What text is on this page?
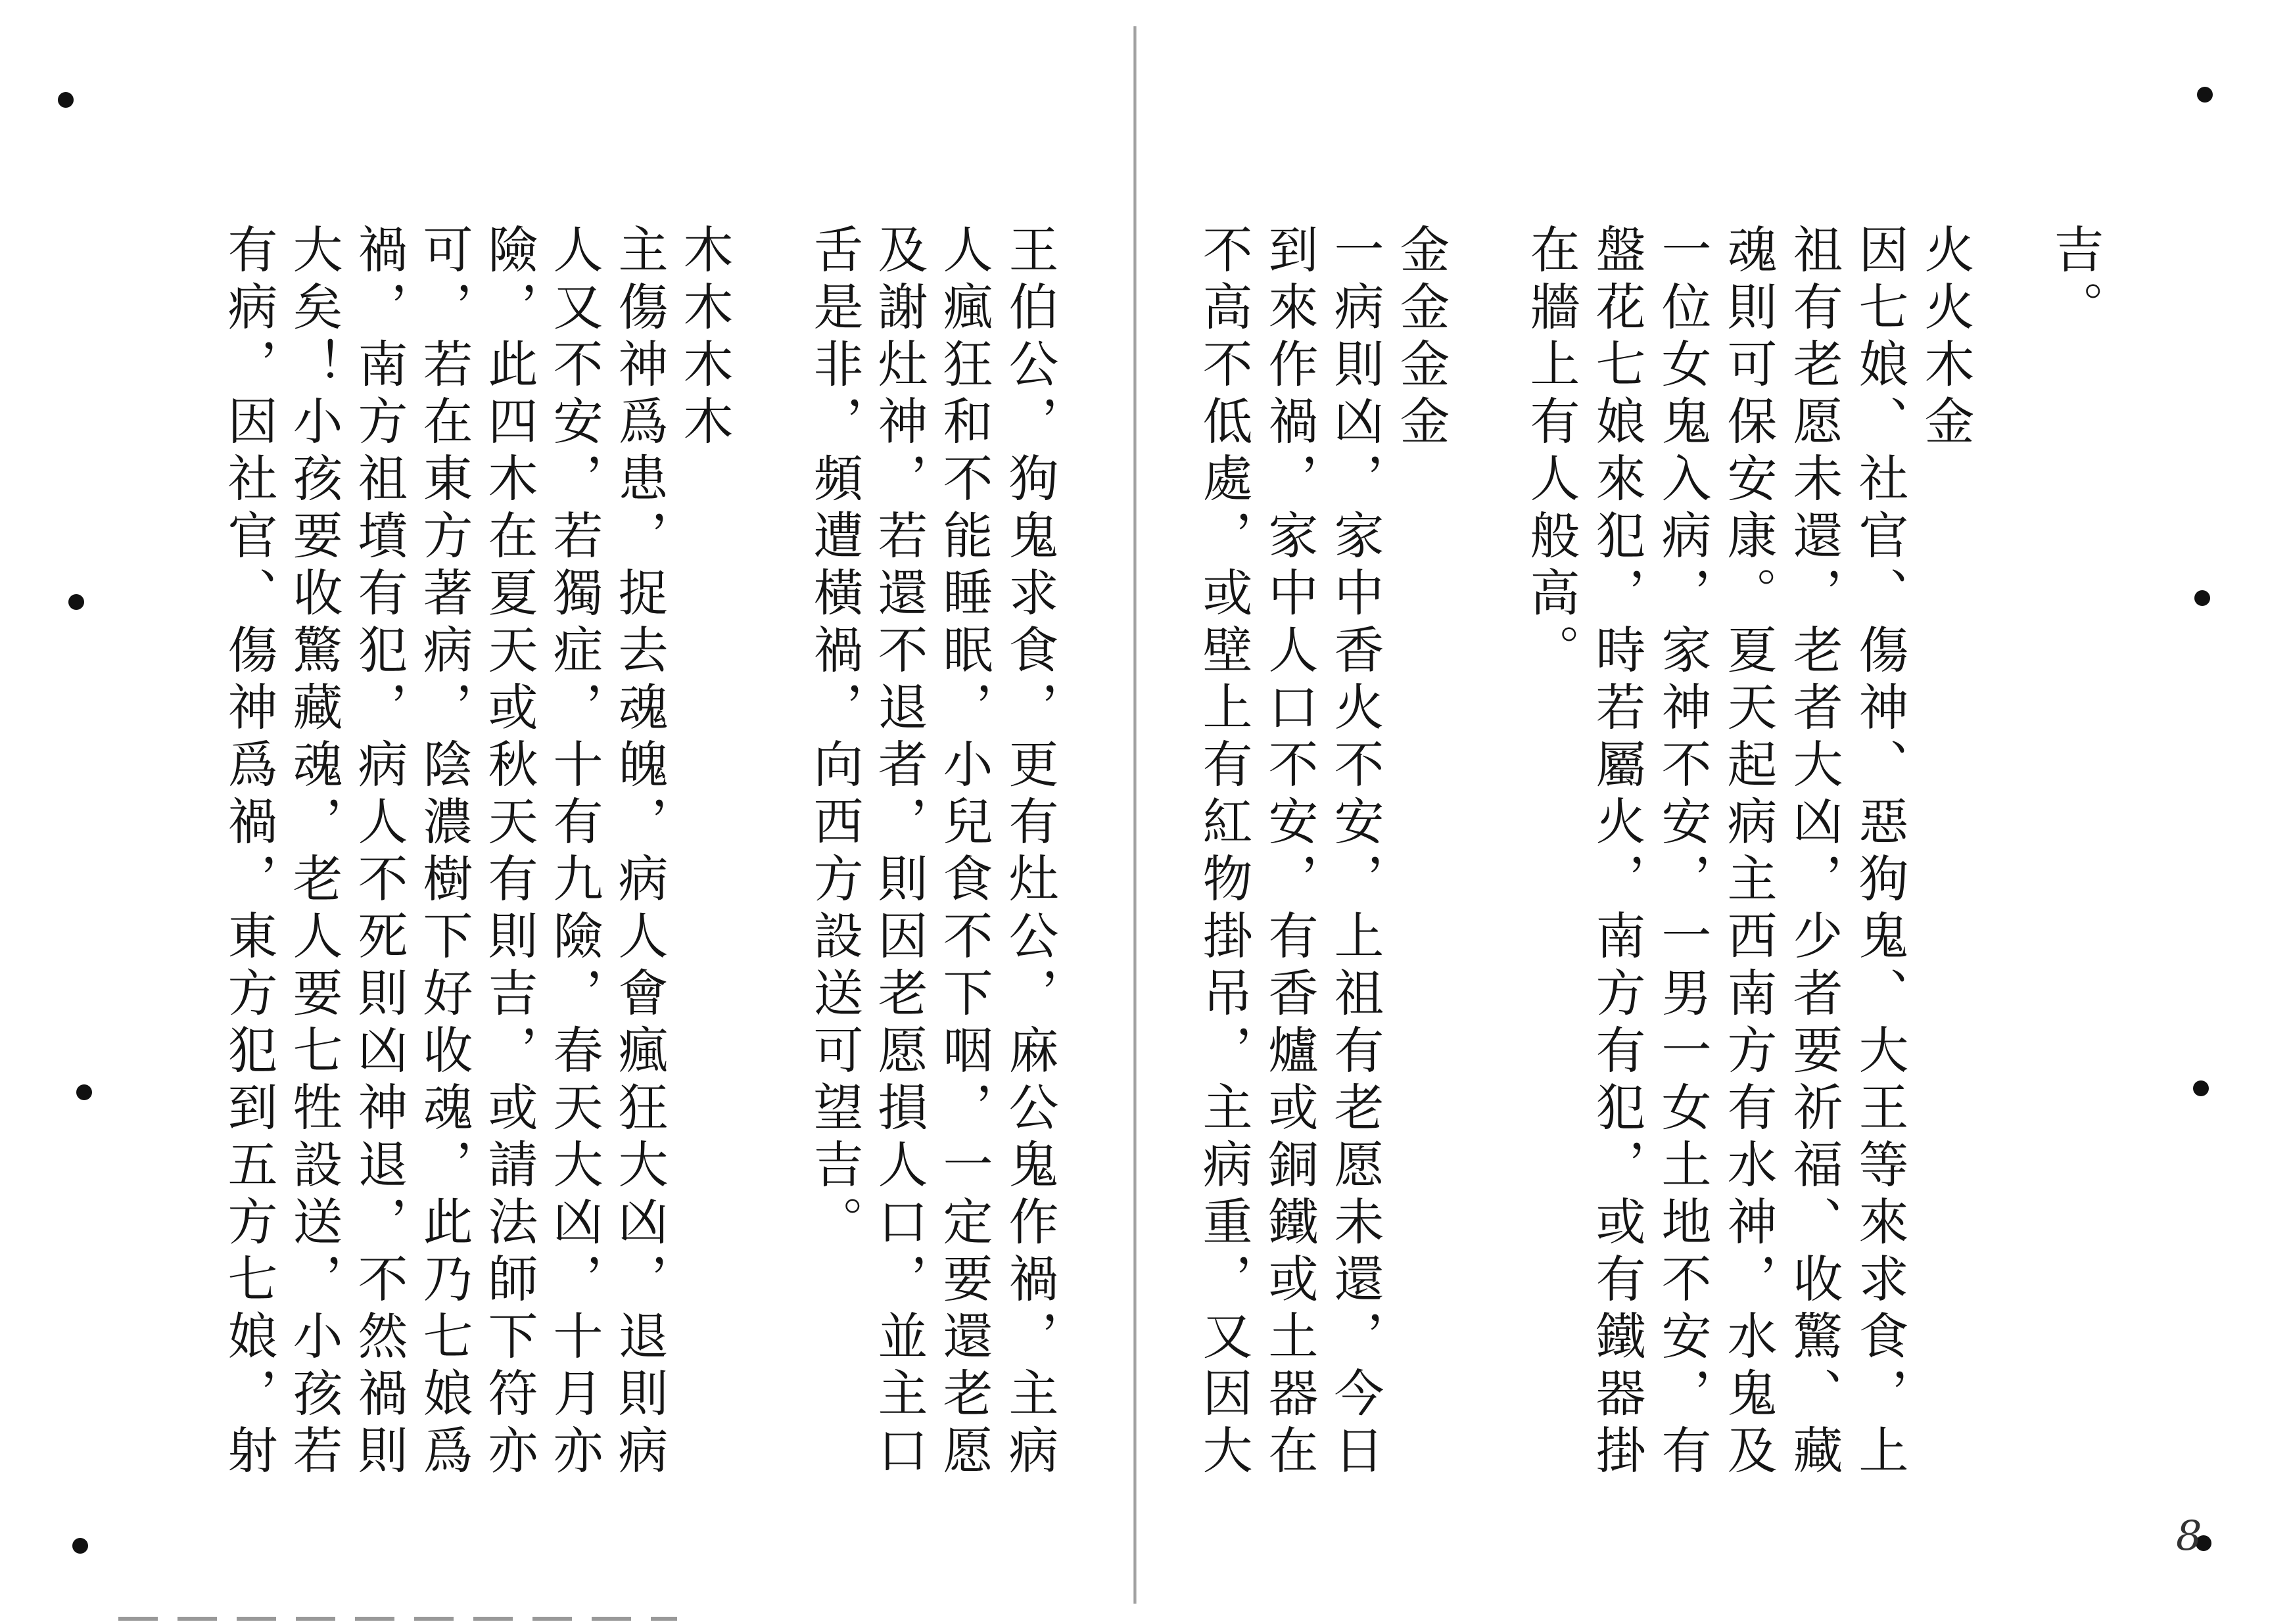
王伯公，狗鬼求食，更有灶公，麻公鬼作禍，主病
人瘋狂和不能睡眠，小兒食不下咽，一定要還老愿
及謝灶神，若還不退者，則因老愿損人口，並主口
舌是非，頻遭橫禍，向西方設送可望吉。
木木木木
主傷神爲患，捉去魂魄，病人會瘋狂大凶，退則病
人又不安，若獨症，十有九險，春天大凶，十月亦
險，此四木在夏天或秋天有則吉，或請法師下符亦
可，若在東方著病，陰濃樹下好收魂，此乃七娘爲
禍，南方祖墳有犯，病人不死則凶神退，不然禍則
大矣！小孩要收驚藏魂，老人要七牲設送，小孩若
有病，因社官、傷神爲禍，東方犯到五方七娘，射	吉。
火火木金
因七娘、社官、傷神、惡狗鬼、大王等來求食，上
祖有老愿未還，老者大凶，少者要祈福、收驚、藏
魂則可保安康。夏天起病主西南方有水神，水鬼及
一位女鬼入病，家神不安，一男一女土地不安，有
盤花七娘來犯，時若屬火，南方有犯，或有鐵器掛
在牆上有人般高。
金金金金
一病則凶，家中香火不安，上祖有老愿未還，今日
到來作禍，家中人口不安，有香爐或銅鐵或土器在
不高不低處，或壁上有紅物掛吊，主病重，又因大
8
